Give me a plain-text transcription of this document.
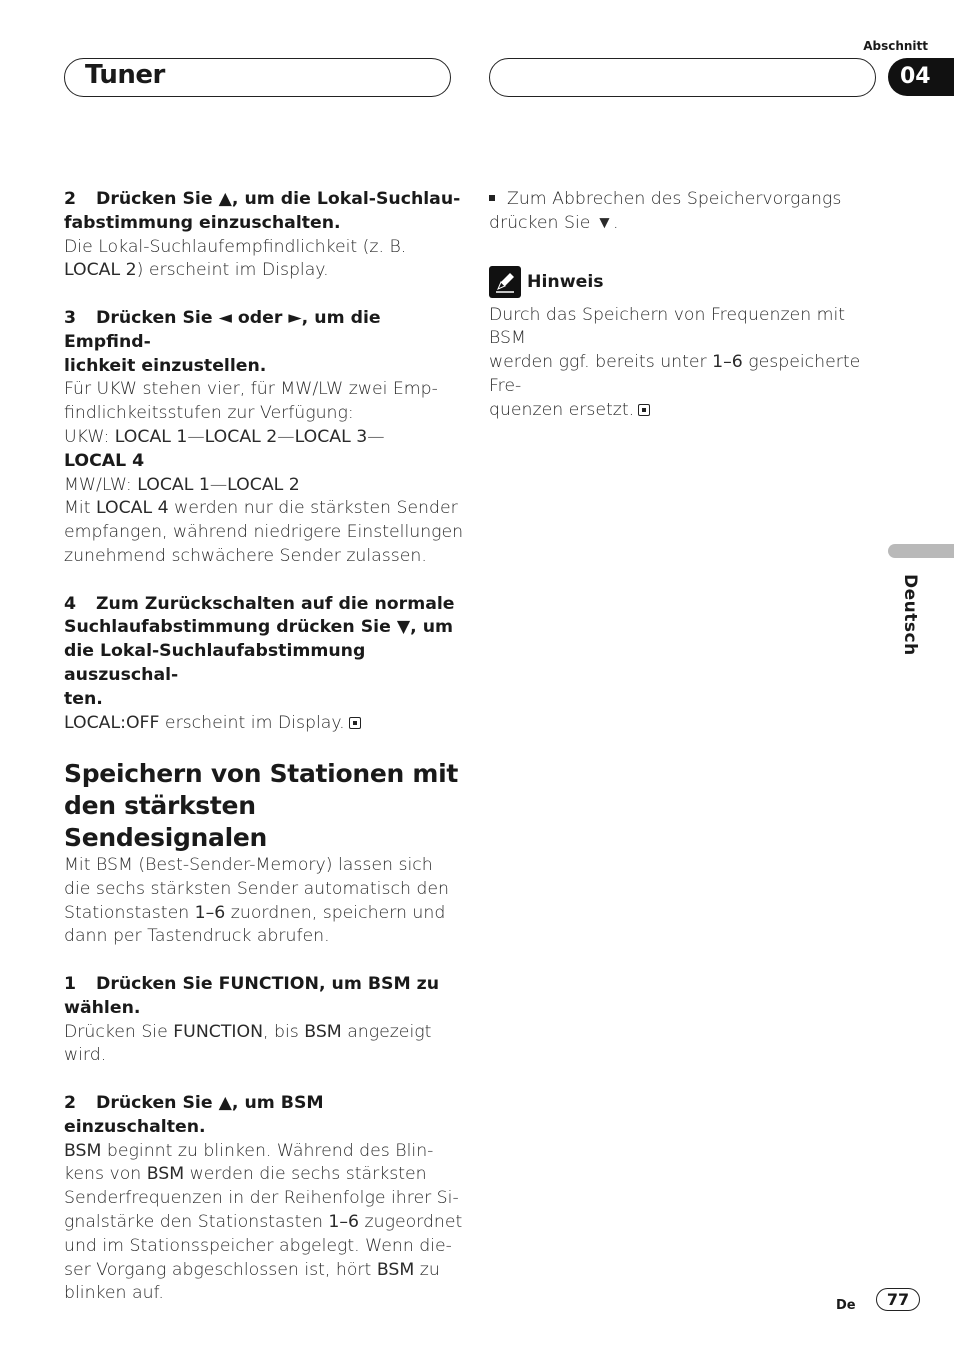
Tuner
Abschnitt
04

2 Drücken Sie ▲, um die Lokal-Suchlau-

fabstimmung einzuschalten.

Die Lokal-Suchlaufempfindlichkeit (z. B.

LOCAL 2) erscheint im Display.

3 Drücken Sie ◄ oder ►, um die Empfind-

lichkeit einzustellen.

Für UKW stehen vier, für MW/LW zwei Emp-

findlichkeitsstufen zur Verfügung:

UKW: LOCAL 1—LOCAL 2—LOCAL 3—

LOCAL 4

MW/LW: LOCAL 1—LOCAL 2

Mit LOCAL 4 werden nur die stärksten Sender

empfangen, während niedrigere Einstellungen

zunehmend schwächere Sender zulassen.

4 Zum Zurückschalten auf die normale

Suchlaufabstimmung drücken Sie ▼, um

die Lokal-Suchlaufabstimmung auszuschal-

ten.

LOCAL:OFF erscheint im Display.

Speichern von Stationen mit

den stärksten Sendesignalen

Mit BSM (Best-Sender-Memory) lassen sich

die sechs stärksten Sender automatisch den

Stationstasten 1–6 zuordnen, speichern und

dann per Tastendruck abrufen.

1 Drücken Sie FUNCTION, um BSM zu

wählen.

Drücken Sie FUNCTION, bis BSM angezeigt

wird.

2 Drücken Sie ▲, um BSM einzuschalten.

BSM beginnt zu blinken. Während des Blin-

kens von BSM werden die sechs stärksten

Senderfrequenzen in der Reihenfolge ihrer Si-

gnalstärke den Stationstasten 1–6 zugeordnet

und im Stationsspeicher abgelegt. Wenn die-

ser Vorgang abgeschlossen ist, hört BSM zu

blinken auf.

Zum Abbrechen des Speichervorgangs

drücken Sie ▼.

Hinweis

Durch das Speichern von Frequenzen mit BSM

werden ggf. bereits unter 1–6 gespeicherte Fre-

quenzen ersetzt.

Deutsch
De	77
